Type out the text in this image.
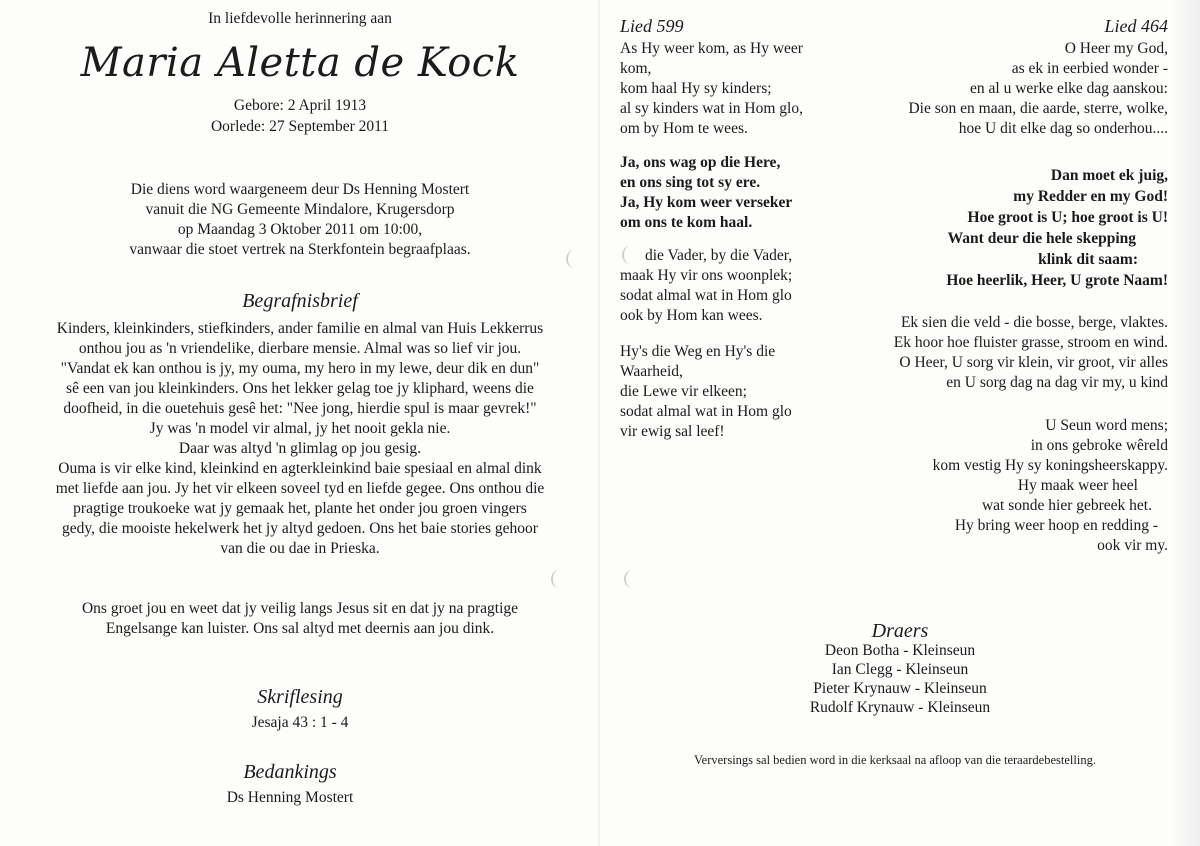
In liefdevolle herinnering aan
Maria Aletta de Kock
Gebore: 2 April 1913
Oorlede: 27 September 2011
Die diens word waargeneem deur Ds Henning Mostert
vanuit die NG Gemeente Mindalore, Krugersdorp
op Maandag 3 Oktober 2011 om 10:00,
vanwaar die stoet vertrek na Sterkfontein begraafplaas.
Begrafnisbrief
Kinders, kleinkinders, stiefkinders, ander familie en almal van Huis Lekkerrus
onthou jou as 'n vriendelike, dierbare mensie. Almal was so lief vir jou.
"Vandat ek kan onthou is jy, my ouma, my hero in my lewe, deur dik en dun"
sê een van jou kleinkinders. Ons het lekker gelag toe jy kliphard, weens die
doofheid, in die ouetehuis gesê het: "Nee jong, hierdie spul is maar gevrek!"
Jy was 'n model vir almal, jy het nooit gekla nie.
Daar was altyd 'n glimlag op jou gesig.
Ouma is vir elke kind, kleinkind en agterkleinkind baie spesiaal en almal dink
met liefde aan jou. Jy het vir elkeen soveel tyd en liefde gegee. Ons onthou die
pragtige troukoeke wat jy gemaak het, plante het onder jou groen vingers
gedy, die mooiste hekelwerk het jy altyd gedoen. Ons het baie stories gehoor
van die ou dae in Prieska.
Ons groet jou en weet dat jy veilig langs Jesus sit en dat jy na pragtige
Engelsange kan luister. Ons sal altyd met deernis aan jou dink.
Skriflesing
Jesaja 43 : 1 - 4
Bedankings
Ds Henning Mostert
Lied 599
As Hy weer kom, as Hy weer
kom,
kom haal Hy sy kinders;
al sy kinders wat in Hom glo,
om by Hom te wees.
Ja, ons wag op die Here,
en ons sing tot sy ere.
Ja, Hy kom weer verseker
om ons te kom haal.
die Vader, by die Vader,
maak Hy vir ons woonplek;
sodat almal wat in Hom glo
ook by Hom kan wees.
Hy's die Weg en Hy's die
Waarheid,
die Lewe vir elkeen;
sodat almal wat in Hom glo
vir ewig sal leef!
Lied 464
O Heer my God,
as ek in eerbied wonder -
en al u werke elke dag aanskou:
Die son en maan, die aarde, sterre, wolke,
hoe U dit elke dag so onderhou....
Dan moet ek juig,
my Redder en my God!
Hoe groot is U; hoe groot is U!
Want deur die hele skepping
klink dit saam:
Hoe heerlik, Heer, U grote Naam!
Ek sien die veld - die bosse, berge, vlaktes.
Ek hoor hoe fluister grasse, stroom en wind.
O Heer, U sorg vir klein, vir groot, vir alles
en U sorg dag na dag vir my, u kind
U Seun word mens;
in ons gebroke wêreld
kom vestig Hy sy koningsheerskappy.
Hy maak weer heel
wat sonde hier gebreek het.
Hy bring weer hoop en redding -
ook vir my.
Draers
Deon Botha - Kleinseun
Ian Clegg - Kleinseun
Pieter Krynauw - Kleinseun
Rudolf Krynauw - Kleinseun
Verversings sal bedien word in die kerksaal na afloop van die teraardebestelling.
